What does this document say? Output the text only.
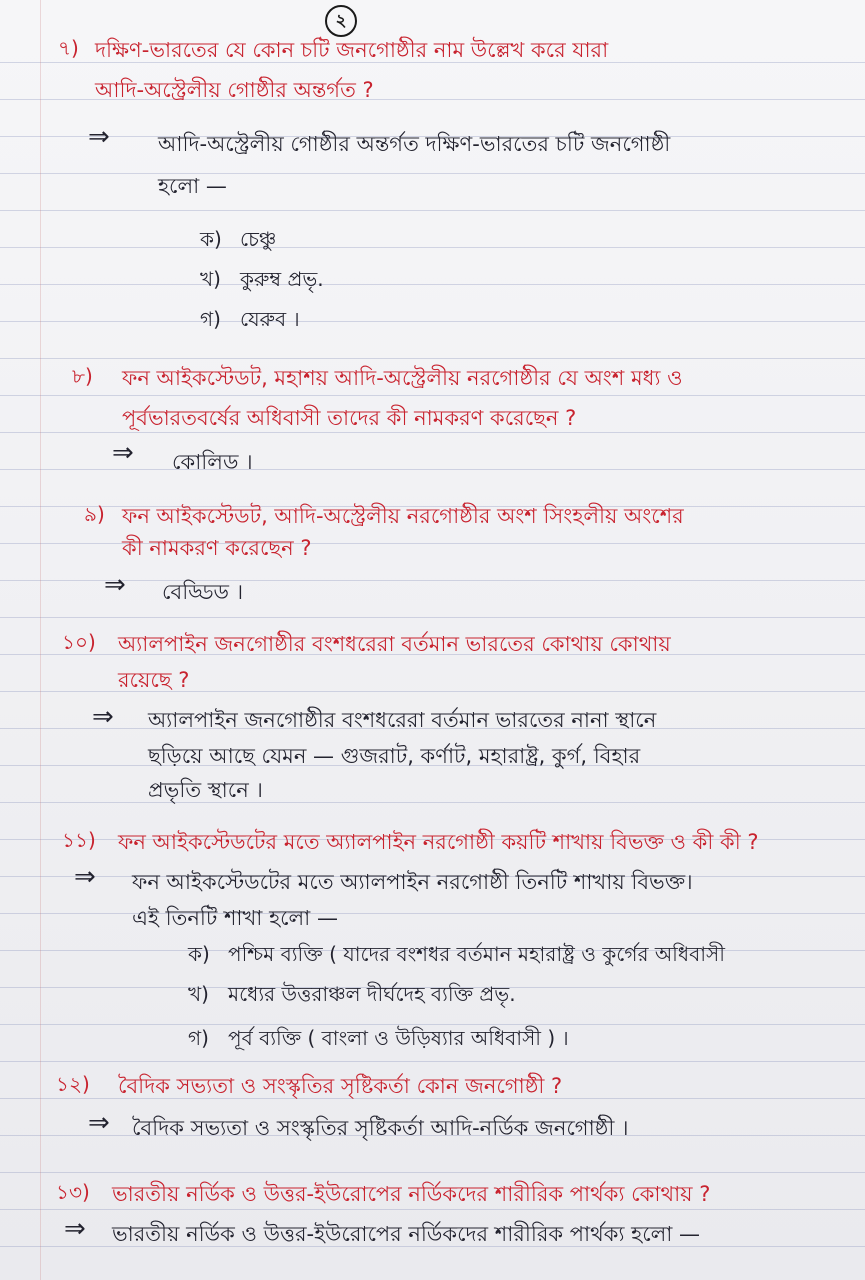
২
৭) দক্ষিণ-ভারতের যে কোন চটি জনগোষ্ঠীর নাম উল্লেখ করে যারা
আদি-অস্ট্রেলীয় গোষ্ঠীর অন্তর্গত ?
⇒ আদি-অস্ট্রেলীয় গোষ্ঠীর অন্তর্গত দক্ষিণ-ভারতের চটি জনগোষ্ঠী
হলো —
ক) চেঞ্চু
খ) কুরুম্ব প্রভৃ.
গ) যেরুব ।
৮) ফন আইকস্টেডট, মহাশয় আদি-অস্ট্রেলীয় নরগোষ্ঠীর যে অংশ মধ্য ও
পূর্বভারতবর্ষের অধিবাসী তাদের কী নামকরণ করেছেন ?
⇒ কোলিড ।
৯) ফন আইকস্টেডট, আদি-অস্ট্রেলীয় নরগোষ্ঠীর অংশ সিংহলীয় অংশের
কী নামকরণ করেছেন ?
⇒ বেড্ডিড ।
১০) অ্যালপাইন জনগোষ্ঠীর বংশধরেরা বর্তমান ভারতের কোথায় কোথায়
রয়েছে ?
⇒ অ্যালপাইন জনগোষ্ঠীর বংশধরেরা বর্তমান ভারতের নানা স্থানে
ছড়িয়ে আছে যেমন — গুজরাট, কর্ণাট, মহারাষ্ট্র, কুর্গ, বিহার
প্রভৃতি স্থানে ।
১১) ফন আইকস্টেডটের মতে অ্যালপাইন নরগোষ্ঠী কয়টি শাখায় বিভক্ত ও কী কী ?
⇒ ফন আইকস্টেডটের মতে অ্যালপাইন নরগোষ্ঠী তিনটি শাখায় বিভক্ত।
এই তিনটি শাখা হলো —
ক) পশ্চিম ব্যক্তি ( যাদের বংশধর বর্তমান মহারাষ্ট্র ও কুর্গের অধিবাসী
খ) মধ্যের উত্তরাঞ্চল দীর্ঘদেহ ব্যক্তি প্রভৃ.
গ) পূর্ব ব্যক্তি ( বাংলা ও উড়িষ্যার অধিবাসী ) ।
১২) বৈদিক সভ্যতা ও সংস্কৃতির সৃষ্টিকর্তা কোন জনগোষ্ঠী ?
⇒ বৈদিক সভ্যতা ও সংস্কৃতির সৃষ্টিকর্তা আদি-নর্ডিক জনগোষ্ঠী ।
১৩) ভারতীয় নর্ডিক ও উত্তর-ইউরোপের নর্ডিকদের শারীরিক পার্থক্য কোথায় ?
⇒ ভারতীয় নর্ডিক ও উত্তর-ইউরোপের নর্ডিকদের শারীরিক পার্থক্য হলো —
